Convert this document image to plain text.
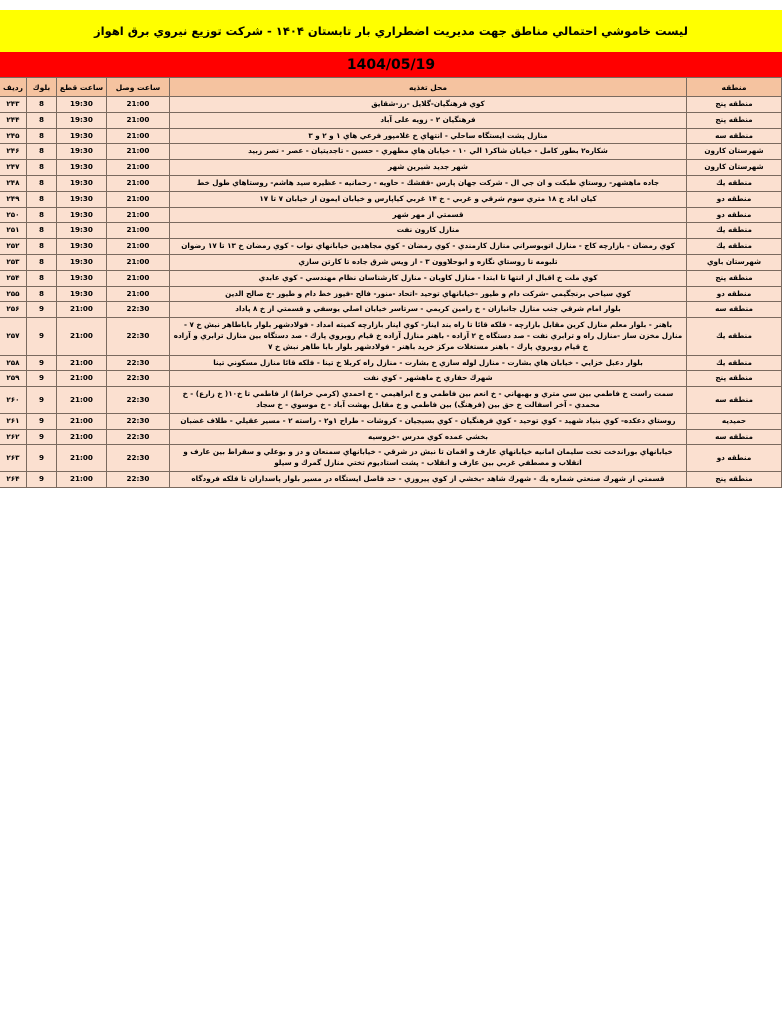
ليست خاموشي احتمالي مناطق جهت مديريت اضطراري بار تابستان ۱۴۰۴ - شركت توزيع نيروي برق اهواز
1404/05/19
منطقه	محل تغذيه	ساعت وصل	ساعت قطع	بلوك	رديف
منطقه پنج	كوي فرهنگيان-گلايل -رز-شقايق	21:00	19:30	8	۲۴۳
منطقه پنج	فرهنگيان ۲ - زويه على آباد	21:00	19:30	8	۲۴۴
منطقه سه	منازل پشت ايستگاه ساحلي - انتهاي خ غلامپور فرعي هاي ۱ و ۲ و ۳	21:00	19:30	8	۲۴۵
شهرستان كارون	شكاره۲ بطور كامل - خيابان شاكر۱ الي ۱۰ - خيابان هاي مطهري - حسين - تاجديتيان - عصر - تصر زبيد	21:00	19:30	8	۲۴۶
شهرستان كارون	شهر جديد شيرين شهر	21:00	19:30	8	۲۴۷
منطقه يك	جاده ماهشهر- روستاي طبكت و ان جي ال - شركت جهان پارس -قفشك - حاويه - رحمانيه - عظيره سيد هاشم- روستاهاي طول خط	21:00	19:30	8	۲۴۸
منطقه دو	كيان اباد خ ۱۸ متري سوم شرقي و غربي - خ ۱۴ غربي كياپارس و خيابان ايمون از خيابان ۷ تا ۱۷	21:00	19:30	8	۲۴۹
منطقه دو	قسمتي از مهر شهر	21:00	19:30	8	۲۵۰
منطقه يك	منازل كارون نفت	21:00	19:30	8	۲۵۱
منطقه يك	كوي رمضان - بازارچه كاج - منازل اتوبوسراني منازل كارمندي - كوي رمضان - كوي مجاهدين خيابانهاي نواب - كوي رمضان خ ۱۳ تا ۱۷ رضوان	21:00	19:30	8	۲۵۲
شهرستان باوي	تلبومه تا روستاي نگازه و ابوحلاوون ۳ - از ويس شرق جاده تا كارتن سازي	21:00	19:30	8	۲۵۳
منطقه پنج	كوي ملت خ اقبال از انتها تا ابتدا - منازل كاويان - منازل كارشناسان نظام مهندسي - كوي عابدي	21:00	19:30	8	۲۵۴
منطقه دو	كوي سياحي برنجگيمي -شركت دام و طيور -خيابانهاي توحيد -اتحاد -منور- فالح -فيوز خط دام و طيور -خ صالح الدين	21:00	19:30	8	۲۵۵
منطقه سه	بلوار امام شرقي جنب منازل جانبازان - خ رامين كريمي - سرتاسر خيابان اصلي يوسفي و قسمتي از خ ۸ پاداد	22:30	21:00	9	۲۵۶
منطقه يك	باهنر - بلوار معلم منازل كرين مقابل بازارچه - فلكه قائا تا راه بند اينار- كوي اينار بازارچه كميته امداد - فولادشهر بلوار باباطاهر نبش خ ۷ - منازل مخزن ساز -منازل راه و ترابري نفت - صد دستگاه خ ۲ آزاده - باهنر منازل آزاده خ قيام روبروي پارك - صد دستگاه بين منازل ترابري و آزاده خ قيام روبروي پارك - باهنر مستغلات مركز خريد باهنر - فولادشهر بلوار بابا طاهر نبش خ ۷	22:30	21:00	9	۲۵۷
منطقه يك	بلوار دعبل خزايي - خيابان هاي بشارت - منازل لوله سازي خ بشارت - منازل راه كربلا خ تينا - فلكه قائا منازل مسكوني تينا	22:30	21:00	9	۲۵۸
منطقه پنج	شهرك حفاري خ ماهشهر - كوي نفت	22:30	21:00	9	۲۵۹
منطقه سه	سمت راست خ فاطمي بين سي متري و بهبهاني - خ انعم بين فاطمي و خ ابراهيمي - خ احمدي (كرمي خراط) از فاطمي تا خ۱۰( خ زارع) - خ محمدي - آخر اسفالت خ حق بين (فرهنگ) بين فاطمي و خ مقابل بهشت آباد - خ موسوي - خ سجاد	22:30	21:00	9	۲۶۰
حميديه	روستاي دعكده- كوي بنياد شهيد - كوي توحيد - كوي فرهنگيان - كوي بسيجيان - كروشات - طراح ۱و۲ - راسته ۲ - مسير عقيلي - طلاف غضبان	22:30	21:00	9	۲۶۱
منطقه سه	بخشي عمده كوي مدرس -خروسيه	22:30	21:00	9	۲۶۲
منطقه دو	خيابانهاي بوراندخت تخت سليمان امانيه خيابانهاي عارف و اقمان تا نبش دز شرقي - خيابانهاي سمنعان و دز و بوعلي و سقراط بين عارف و انقلاب و مصطفي غربي بين عارف و انقلاب - پشت استاديوم تختي منازل گمرك و سيلو	22:30	21:00	9	۲۶۳
منطقه پنج	قسمتي از شهرك صنعتي شماره يك - شهرك شاهد -بخشي از كوي پيروزي - حد فاصل ايستگاه در مسير بلوار پاسداران تا فلكه فرودگاه	22:30	21:00	9	۲۶۴
